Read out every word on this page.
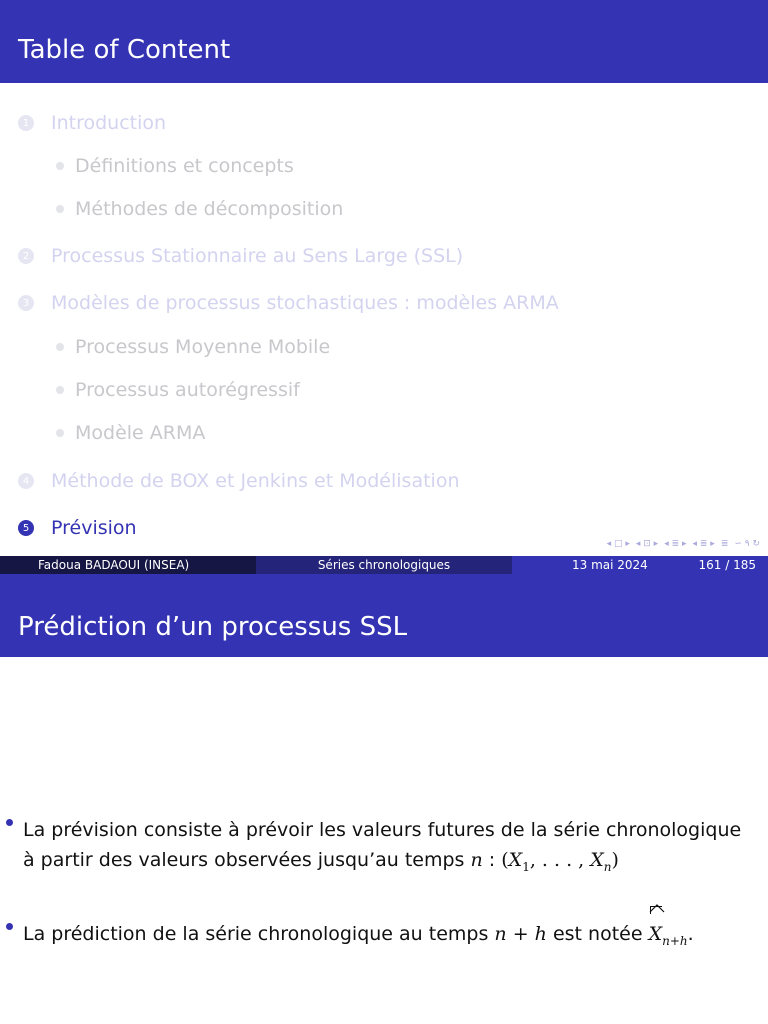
Table of Content
1 Introduction
Définitions et concepts
Méthodes de décomposition
2 Processus Stationnaire au Sens Large (SSL)
3 Modèles de processus stochastiques : modèles ARMA
Processus Moyenne Mobile
Processus autorégressif
Modèle ARMA
4 Méthode de BOX et Jenkins et Modélisation
5 Prévision
◂ □ ▸ ◂ ⊡ ▸ ◂ ≣ ▸ ◂ ≣ ▸ ≣ ∽ ۹ ↻
Fadoua BADAOUI (INSEA)	Séries chronologiques	13 mai 2024	161 / 185
Prédiction d’un processus SSL
La prévision consiste à prévoir les valeurs futures de la série chronologique
à partir des valeurs observées jusqu’au temps n : ($X_1$, . . . , $X_n$)
La prédiction de la série chronologique au temps n + h est notée
$X_{n+h}$.
